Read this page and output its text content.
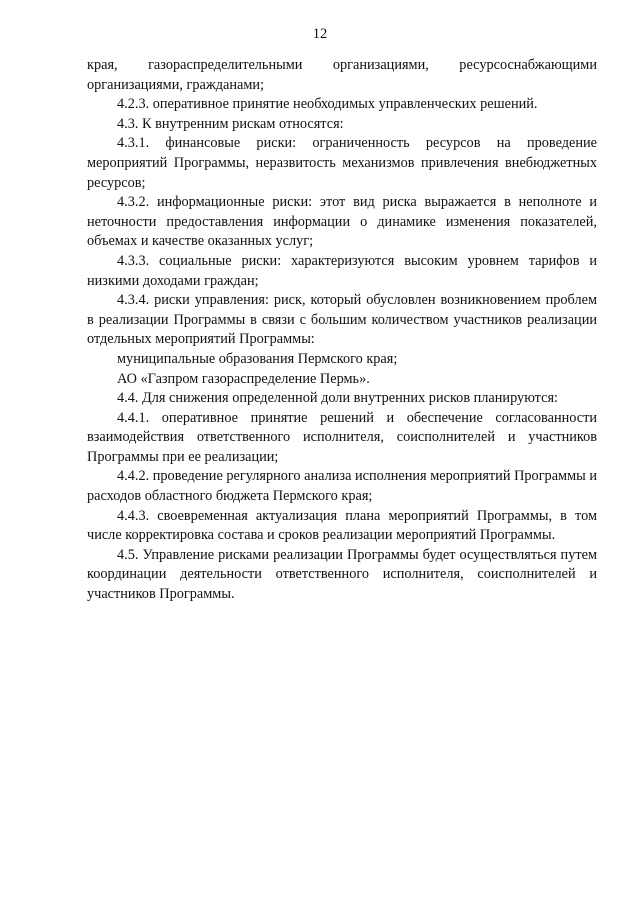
12

края, газораспределительными организациями, ресурсоснабжающими организациями, гражданами;

4.2.3. оперативное принятие необходимых управленческих решений.

4.3. К внутренним рискам относятся:

4.3.1. финансовые риски: ограниченность ресурсов на проведение мероприятий Программы, неразвитость механизмов привлечения внебюджетных ресурсов;

4.3.2. информационные риски: этот вид риска выражается в неполноте и неточности предоставления информации о динамике изменения показателей, объемах и качестве оказанных услуг;

4.3.3. социальные риски: характеризуются высоким уровнем тарифов и низкими доходами граждан;

4.3.4. риски управления: риск, который обусловлен возникновением проблем в реализации Программы в связи с большим количеством участников реализации отдельных мероприятий Программы:

муниципальные образования Пермского края;

АО «Газпром газораспределение Пермь».

4.4. Для снижения определенной доли внутренних рисков планируются:

4.4.1. оперативное принятие решений и обеспечение согласованности взаимодействия ответственного исполнителя, соисполнителей и участников Программы при ее реализации;

4.4.2. проведение регулярного анализа исполнения мероприятий Программы и расходов областного бюджета Пермского края;

4.4.3. своевременная актуализация плана мероприятий Программы, в том числе корректировка состава и сроков реализации мероприятий Программы.

4.5. Управление рисками реализации Программы будет осуществляться путем координации деятельности ответственного исполнителя, соисполнителей и участников Программы.
